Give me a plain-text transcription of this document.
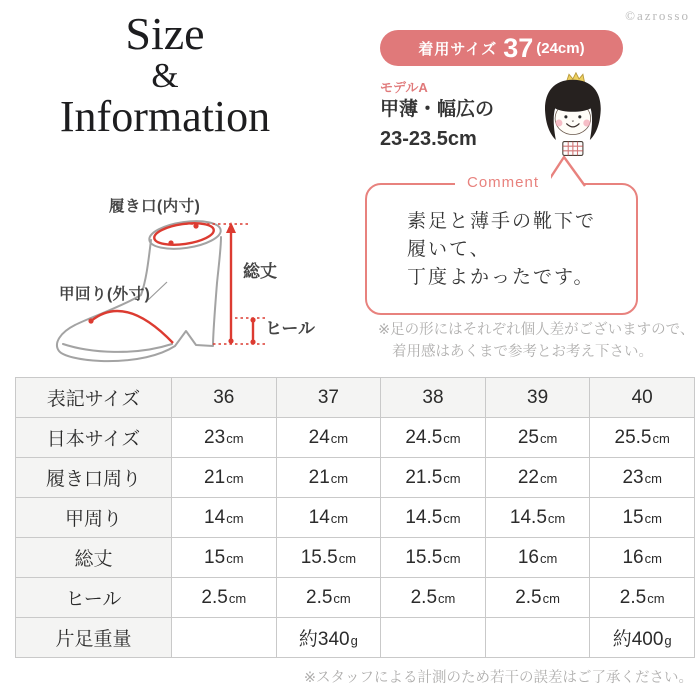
Size
&
Information
©azrosso
着用サイズ 37 (24cm)
モデルA
甲薄・幅広の
23-23.5cm
Comment
素足と薄手の靴下で
履いて、
丁度よかったです。
※足の形にはそれぞれ個人差がございますので、
着用感はあくまで参考とお考え下さい。
履き口(内寸)
甲回り(外寸)
総丈
ヒール
表記サイズ	36	37	38	39	40
日本サイズ	23cm	24cm	24.5cm	25cm	25.5cm
履き口周り	21cm	21cm	21.5cm	22cm	23cm
甲周り	14cm	14cm	14.5cm	14.5cm	15cm
総丈	15cm	15.5cm	15.5cm	16cm	16cm
ヒール	2.5cm	2.5cm	2.5cm	2.5cm	2.5cm
片足重量		約340g			約400g
※スタッフによる計測のため若干の誤差はご了承ください。
